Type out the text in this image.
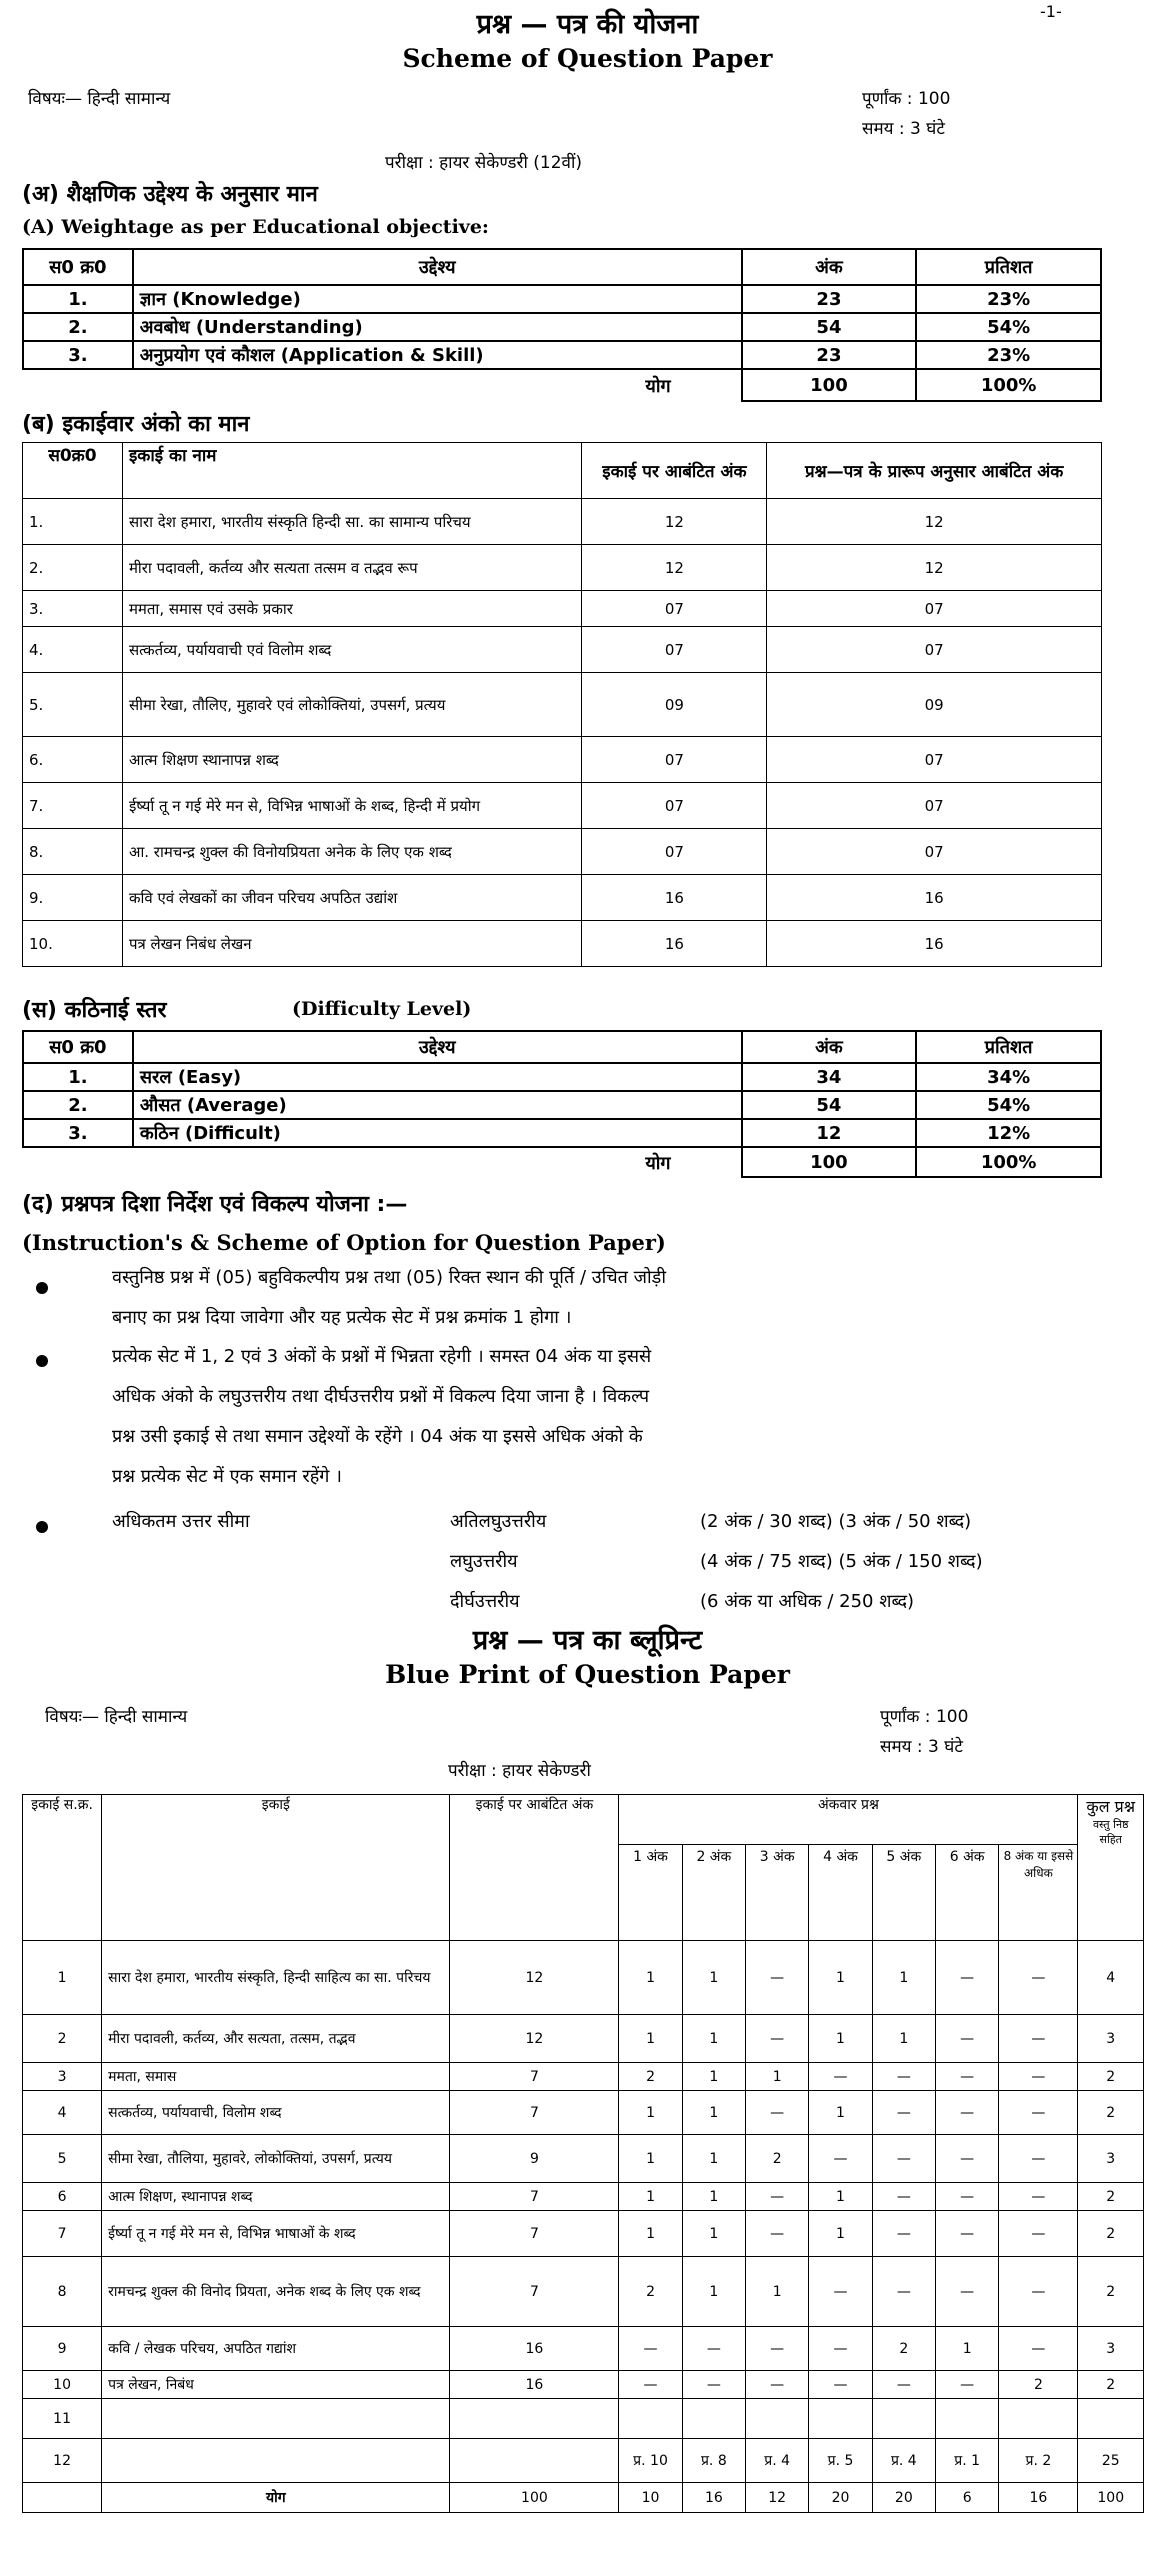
-1-
प्रश्न — पत्र की योजना
Scheme of Question Paper
विषयः— हिन्दी सामान्य	पूर्णांक : 100
समय : 3 घंटे
परीक्षा : हायर सेकेण्डरी (12वीं)
(अ) शैक्षणिक उद्देश्य के अनुसार मान
(A) Weightage as per Educational objective:
स0 क्र0	उद्देश्य	अंक	प्रतिशत
1.	ज्ञान (Knowledge)	23	23%
2.	अवबोध (Understanding)	54	54%
3.	अनुप्रयोग एवं कौशल (Application & Skill)	23	23%
	योग	100	100%
(ब) इकाईवार अंको का मान
स0क्र0	इकाई का नाम	इकाई पर आबंटित अंक	प्रश्न—पत्र के प्रारूप अनुसार आबंटित अंक
1.	सारा देश हमारा, भारतीय संस्कृति हिन्दी सा. का सामान्य परिचय	12	12
2.	मीरा पदावली, कर्तव्य और सत्यता तत्सम व तद्भव रूप	12	12
3.	ममता, समास एवं उसके प्रकार	07	07
4.	सत्कर्तव्य, पर्यायवाची एवं विलोम शब्द	07	07
5.	सीमा रेखा, तौलिए, मुहावरे एवं लोकोक्तियां, उपसर्ग, प्रत्यय	09	09
6.	आत्म शिक्षण स्थानापन्न शब्द	07	07
7.	ईर्ष्या तू न गई मेरे मन से, विभिन्न भाषाओं के शब्द, हिन्दी में प्रयोग	07	07
8.	आ. रामचन्द्र शुक्ल की विनोयप्रियता अनेक के लिए एक शब्द	07	07
9.	कवि एवं लेखकों का जीवन परिचय अपठित उद्यांश	16	16
10.	पत्र लेखन निबंध लेखन	16	16
(स) कठिनाई स्तर	(Difficulty Level)
स0 क्र0	उद्देश्य	अंक	प्रतिशत
1.	सरल (Easy)	34	34%
2.	औसत (Average)	54	54%
3.	कठिन (Difficult)	12	12%
	योग	100	100%
(द) प्रश्नपत्र दिशा निर्देश एवं विकल्प योजना :—
(Instruction's & Scheme of Option for Question Paper)
वस्तुनिष्ठ प्रश्न में (05) बहुविकल्पीय प्रश्न तथा (05) रिक्त स्थान की पूर्ति / उचित जोड़ी
बनाए का प्रश्न दिया जावेगा और यह प्रत्येक सेट में प्रश्न क्रमांक 1 होगा ।
प्रत्येक सेट में 1, 2 एवं 3 अंकों के प्रश्नों में भिन्नता रहेगी । समस्त 04 अंक या इससे
अधिक अंको के लघुउत्तरीय तथा दीर्घउत्तरीय प्रश्नों में विकल्प दिया जाना है । विकल्प
प्रश्न उसी इकाई से तथा समान उद्देश्यों के रहेंगे । 04 अंक या इससे अधिक अंको के
प्रश्न प्रत्येक सेट में एक समान रहेंगे ।
अधिकतम उत्तर सीमा	अतिलघुउत्तरीय	(2 अंक / 30 शब्द) (3 अंक / 50 शब्द)
लघुउत्तरीय	(4 अंक / 75 शब्द) (5 अंक / 150 शब्द)
दीर्घउत्तरीय	(6 अंक या अधिक / 250 शब्द)
प्रश्न — पत्र का ब्लूप्रिन्ट
Blue Print of Question Paper
विषयः— हिन्दी सामान्य	पूर्णांक : 100
समय : 3 घंटे
परीक्षा : हायर सेकेण्डरी
इकाई स.क्र.	इकाई	इकाई पर आबंटित अंक	अंकवार प्रश्न							कुल प्रश्न
वस्तु निष्ठ सहित

			1 अंक	2 अंक	3 अंक	4 अंक	5 अंक	6 अंक	8 अंक या इससे अधिक	
1	सारा देश हमारा, भारतीय संस्कृति, हिन्दी साहित्य का सा. परिचय	12	1	1	—	1	1	—	—	4
2	मीरा पदावली, कर्तव्य, और सत्यता, तत्सम, तद्भव	12	1	1	—	1	1	—	—	3
3	ममता, समास	7	2	1	1	—	—	—	—	2
4	सत्कर्तव्य, पर्यायवाची, विलोम शब्द	7	1	1	—	1	—	—	—	2
5	सीमा रेखा, तौलिया, मुहावरे, लोकोक्तियां, उपसर्ग, प्रत्यय	9	1	1	2	—	—	—	—	3
6	आत्म शिक्षण, स्थानापन्न शब्द	7	1	1	—	1	—	—	—	2
7	ईर्ष्या तू न गई मेरे मन से, विभिन्न भाषाओं के शब्द	7	1	1	—	1	—	—	—	2
8	रामचन्द्र शुक्ल की विनोद प्रियता, अनेक शब्द के लिए एक शब्द	7	2	1	1	—	—	—	—	2
9	कवि / लेखक परिचय, अपठित गद्यांश	16	—	—	—	—	2	1	—	3
10	पत्र लेखन, निबंध	16	—	—	—	—	—	—	2	2
11										
12			प्र. 10	प्र. 8	प्र. 4	प्र. 5	प्र. 4	प्र. 1	प्र. 2	25
	योग	100	10	16	12	20	20	6	16	100
